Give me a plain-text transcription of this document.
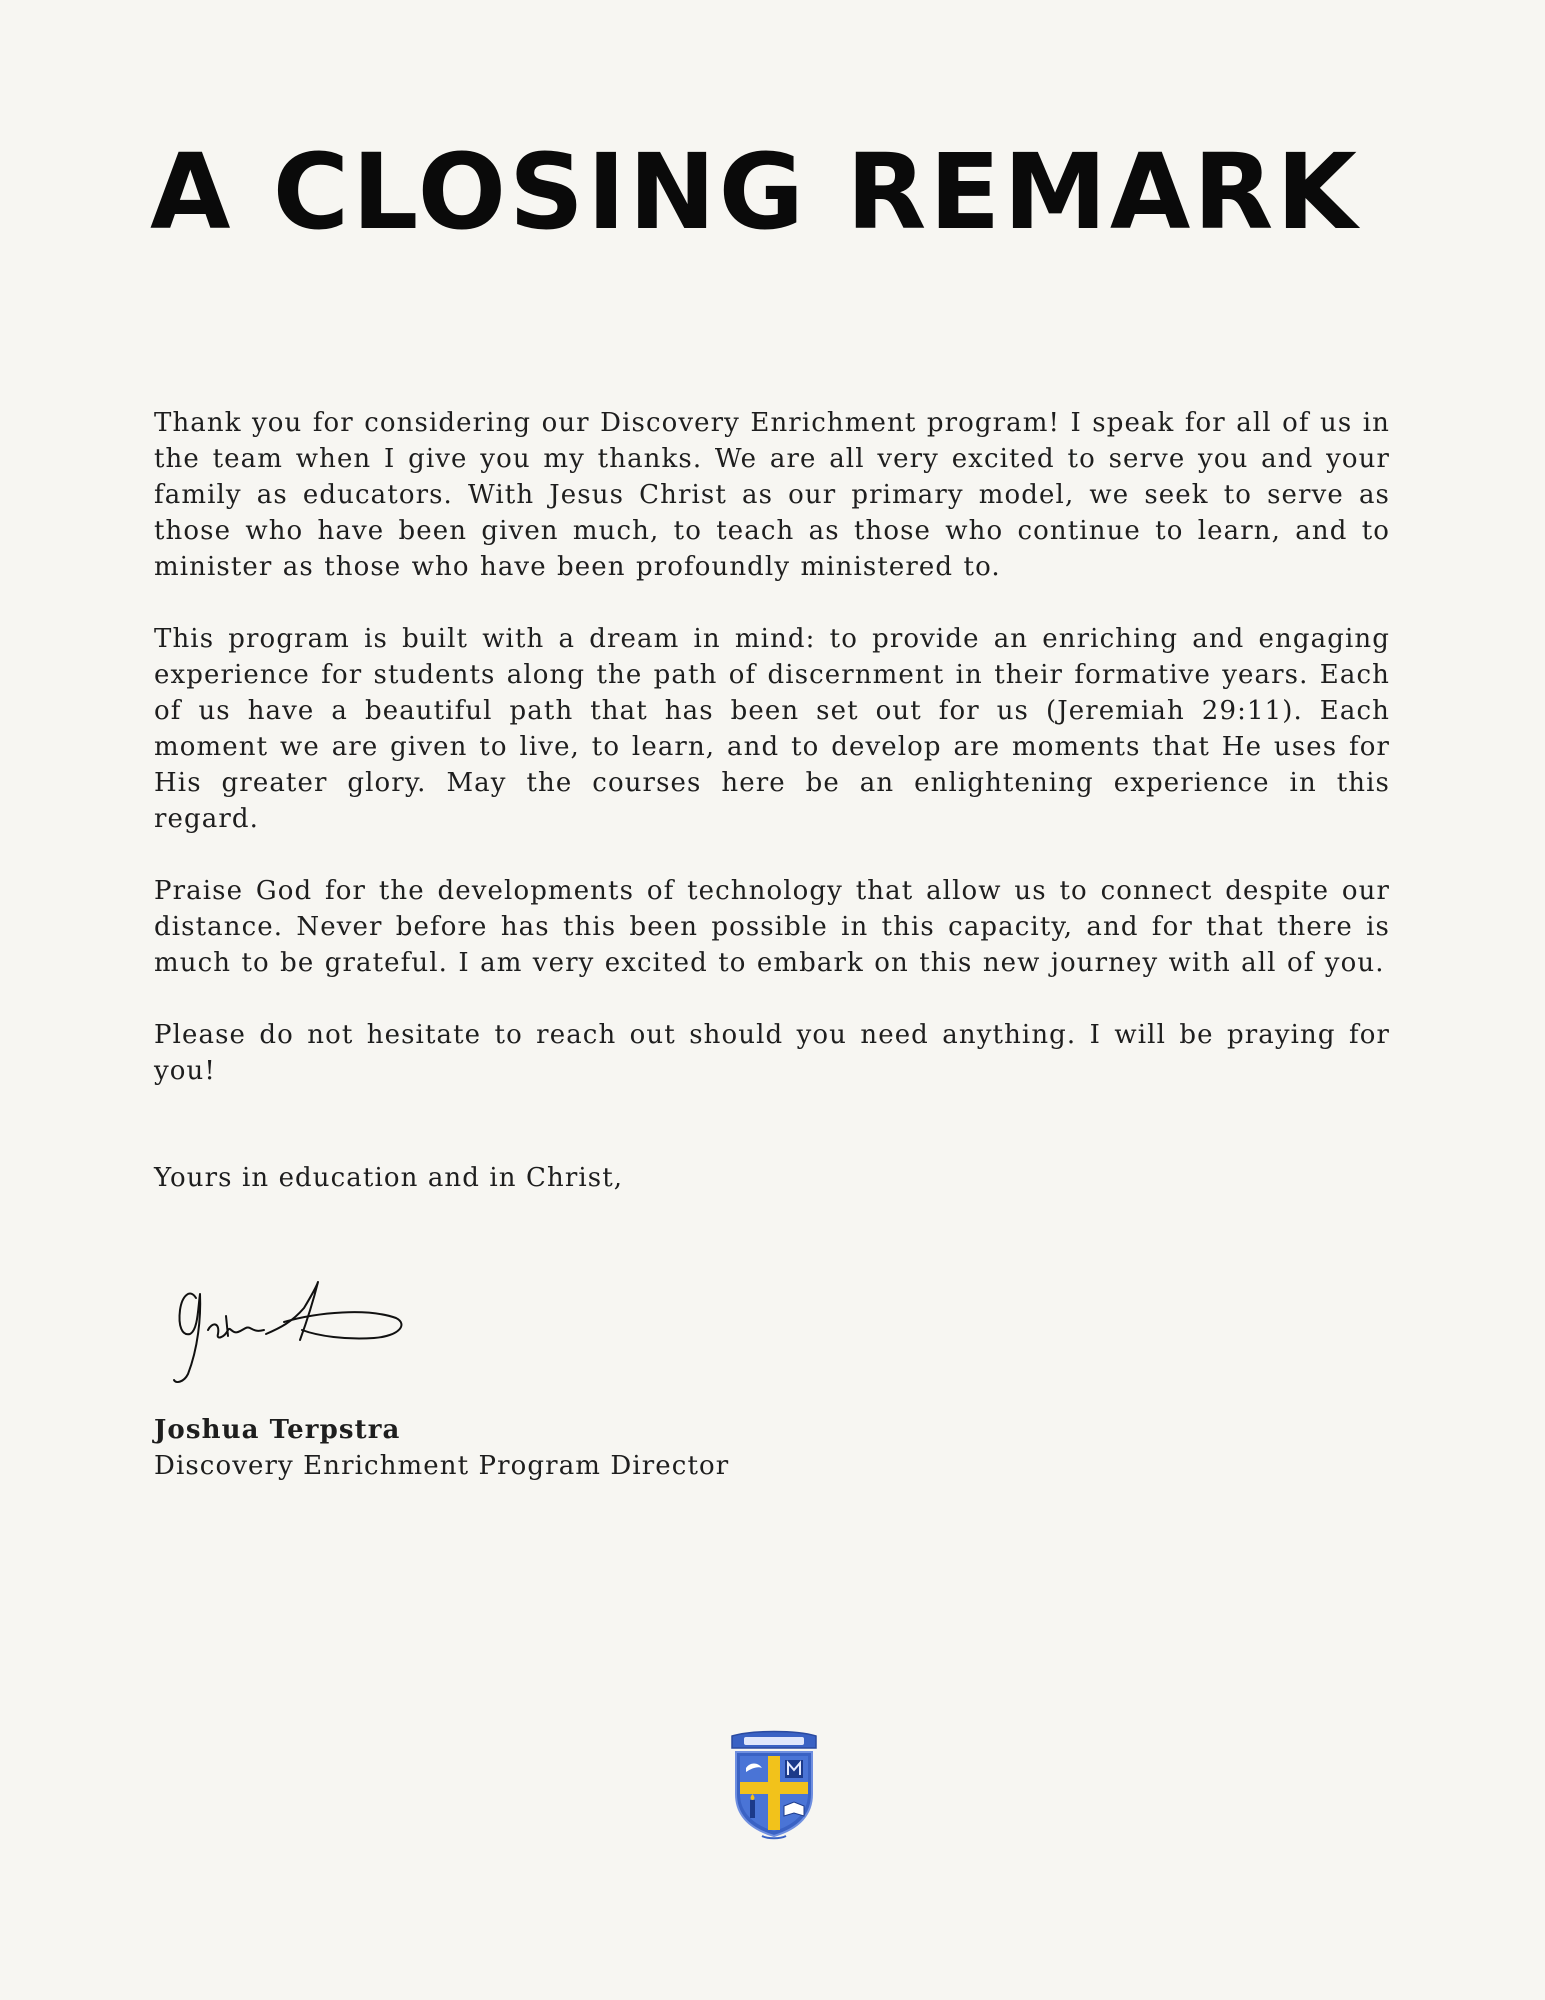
A CLOSING REMARK

Thank you for considering our Discovery Enrichment program! I speak for all of us in the team when I give you my thanks. We are all very excited to serve you and your family as educators. With Jesus Christ as our primary model, we seek to serve as those who have been given much, to teach as those who continue to learn, and to minister as those who have been profoundly ministered to.

This program is built with a dream in mind: to provide an enriching and engaging experience for students along the path of discernment in their formative years. Each of us have a beautiful path that has been set out for us (Jeremiah 29:11). Each moment we are given to live, to learn, and to develop are moments that He uses for His greater glory. May the courses here be an enlightening experience in this regard.

Praise God for the developments of technology that allow us to connect despite our distance. Never before has this been possible in this capacity, and for that there is much to be grateful. I am very excited to embark on this new journey with all of you.

Please do not hesitate to reach out should you need anything. I will be praying for you!

Yours in education and in Christ,

Joshua Terpstra

Discovery Enrichment Program Director
